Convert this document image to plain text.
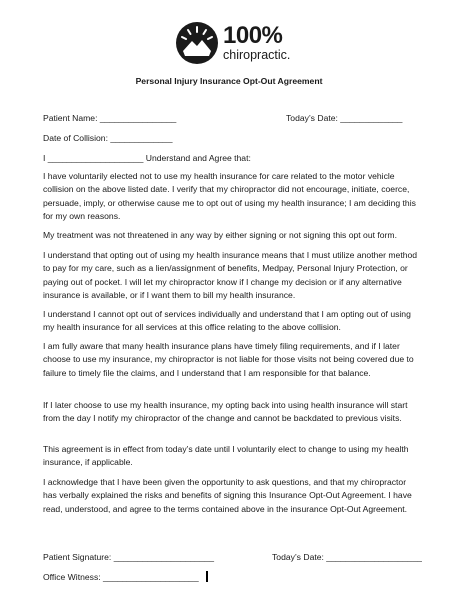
100%
chiropractic.
Personal Injury Insurance Opt-Out Agreement
Patient Name: ________________	Today’s Date: _____________
Date of Collision: _____________
I ____________________ Understand and Agree that:

I have voluntarily elected not to use my health insurance for care related to the motor vehicle collision on the above listed date. I verify that my chiropractor did not encourage, initiate, coerce, persuade, imply, or otherwise cause me to opt out of using my health insurance; I am deciding this for my own reasons.

My treatment was not threatened in any way by either signing or not signing this opt out form.

I understand that opting out of using my health insurance means that I must utilize another method to pay for my care, such as a lien/assignment of benefits, Medpay, Personal Injury Protection, or paying out of pocket. I will let my chiropractor know if I change my decision or if any alternative insurance is available, or if I want them to bill my health insurance.

I understand I cannot opt out of services individually and understand that I am opting out of using my health insurance for all services at this office relating to the above collision.

I am fully aware that many health insurance plans have timely filing requirements, and if I later choose to use my insurance, my chiropractor is not liable for those visits not being covered due to failure to timely file the claims, and I understand that I am responsible for that balance.

If I later choose to use my health insurance, my opting back into using health insurance will start from the day I notify my chiropractor of the change and cannot be backdated to previous visits.

This agreement is in effect from today’s date until I voluntarily elect to change to using my health insurance, if applicable.

I acknowledge that I have been given the opportunity to ask questions, and that my chiropractor has verbally explained the risks and benefits of signing this Insurance Opt-Out Agreement. I have read, understood, and agree to the terms contained above in the insurance Opt-Out Agreement.

Patient Signature: _____________________	Today’s Date: ____________________
Office Witness: ____________________
